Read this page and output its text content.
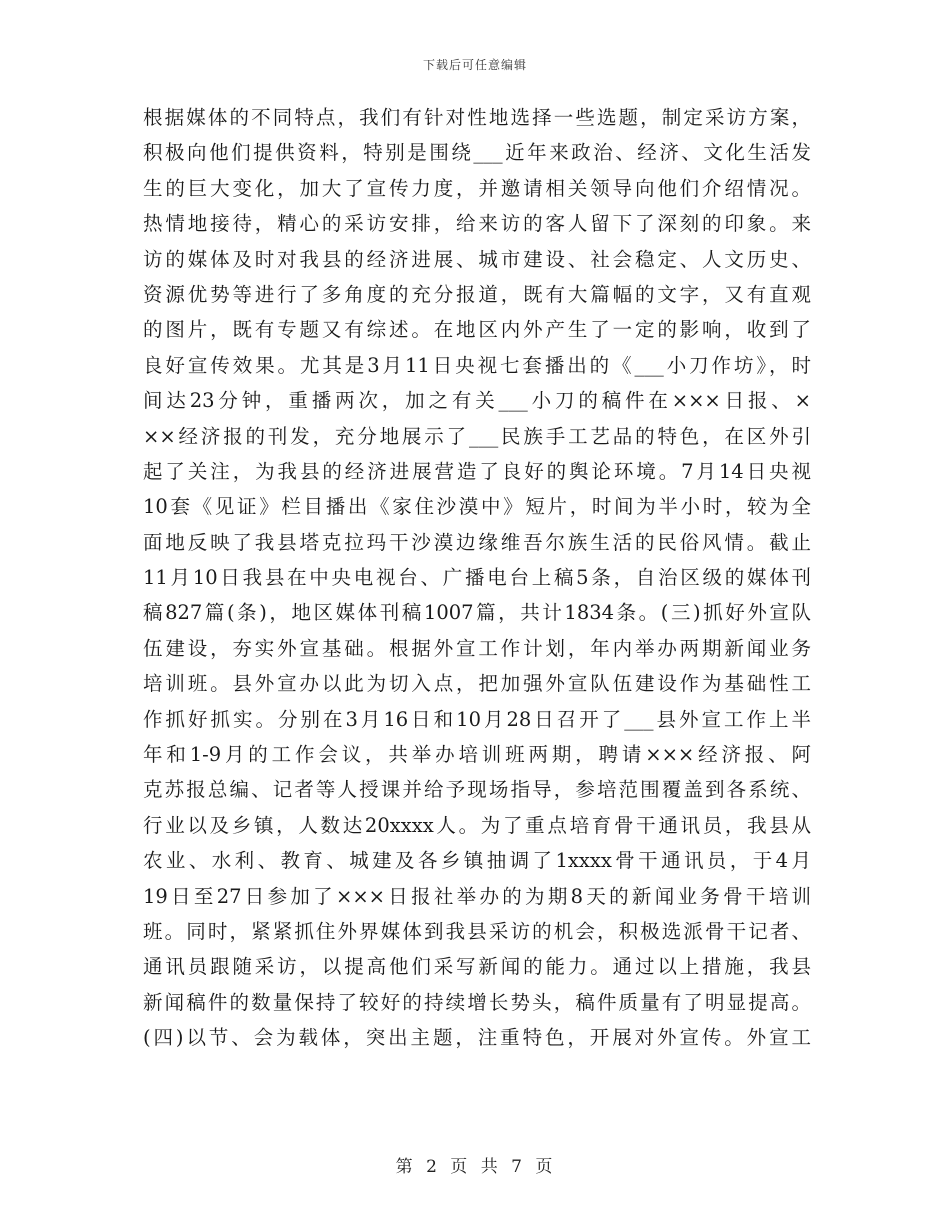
下载后可任意编辑
根据媒体的不同特点，我们有针对性地选择一些选题，制定采访方案，
积极向他们提供资料，特别是围绕___近年来政治、经济、文化生活发
生的巨大变化，加大了宣传力度，并邀请相关领导向他们介绍情况。
热情地接待，精心的采访安排，给来访的客人留下了深刻的印象。来
访的媒体及时对我县的经济进展、城市建设、社会稳定、人文历史、
资源优势等进行了多角度的充分报道，既有大篇幅的文字，又有直观
的图片，既有专题又有综述。在地区内外产生了一定的影响，收到了
良好宣传效果。尤其是3月11日央视七套播出的《___小刀作坊》，时
间达23分钟，重播两次，加之有关___小刀的稿件在×××日报、×
××经济报的刊发，充分地展示了___民族手工艺品的特色，在区外引
起了关注，为我县的经济进展营造了良好的舆论环境。7月14日央视
10套《见证》栏目播出《家住沙漠中》短片，时间为半小时，较为全
面地反映了我县塔克拉玛干沙漠边缘维吾尔族生活的民俗风情。截止
11月10日我县在中央电视台、广播电台上稿5条，自治区级的媒体刊
稿827篇(条)，地区媒体刊稿1007篇，共计1834条。(三)抓好外宣队
伍建设，夯实外宣基础。根据外宣工作计划，年内举办两期新闻业务
培训班。县外宣办以此为切入点，把加强外宣队伍建设作为基础性工
作抓好抓实。分别在3月16日和10月28日召开了___县外宣工作上半
年和1-9月的工作会议，共举办培训班两期，聘请×××经济报、阿
克苏报总编、记者等人授课并给予现场指导，参培范围覆盖到各系统、
行业以及乡镇，人数达20xxxx人。为了重点培育骨干通讯员，我县从
农业、水利、教育、城建及各乡镇抽调了1xxxx骨干通讯员，于4月
19日至27日参加了×××日报社举办的为期8天的新闻业务骨干培训
班。同时，紧紧抓住外界媒体到我县采访的机会，积极选派骨干记者、
通讯员跟随采访，以提高他们采写新闻的能力。通过以上措施，我县
新闻稿件的数量保持了较好的持续增长势头，稿件质量有了明显提高。
(四)以节、会为载体，突出主题，注重特色，开展对外宣传。外宣工
第 2 页 共 7 页
